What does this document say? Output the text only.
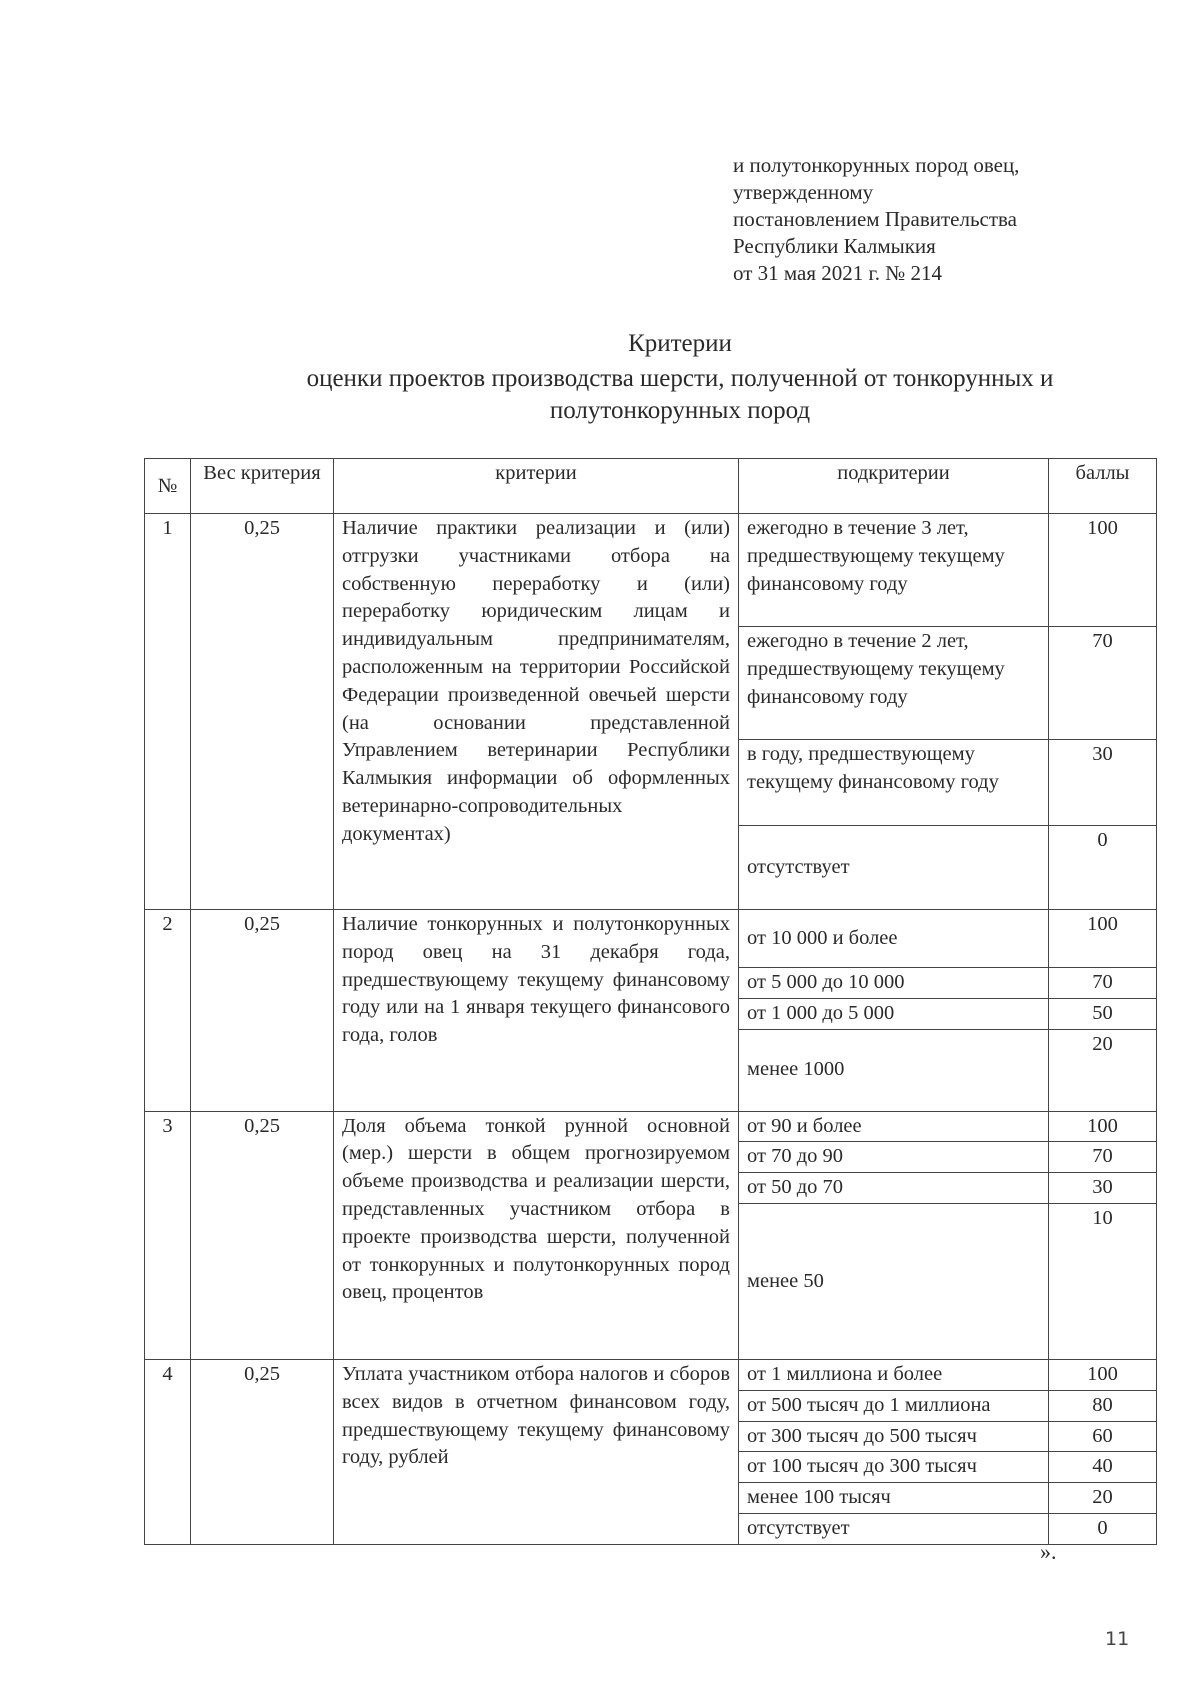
и полутонкорунных пород овец,
утвержденному
постановлением Правительства
Республики Калмыкия
от 31 мая 2021 г. № 214
Критерии
оценки проектов производства шерсти, полученной от тонкорунных и
полутонкорунных пород
№	Вес критерия	критерии	подкритерии	баллы
1	0,25	Наличие практики реализации и (или) отгрузки участниками отбора на собственную переработку и (или) переработку юридическим лицам и индивидуальным предпринимателям, расположенным на территории Российской Федерации произведенной овечьей шерсти (на основании представленной Управлением ветеринарии Республики Калмыкия информации об оформленных ветеринарно-сопроводительных документах)	ежегодно в течение 3 лет, предшествующему текущему финансовому году	100
			ежегодно в течение 2 лет, предшествующему текущему финансовому году	70
			в году, предшествующему текущему финансовому году	30
			отсутствует	0
2	0,25	Наличие тонкорунных и полутонкорунных пород овец на 31 декабря года, предшествующему текущему финансовому году или на 1 января текущего финансового года, голов	от 10 000 и более	100
			от 5 000 до 10 000	70
			от 1 000 до 5 000	50
			менее 1000	20
3	0,25	Доля объема тонкой рунной основной (мер.) шерсти в общем прогнозируемом объеме производства и реализации шерсти, представленных участником отбора в проекте производства шерсти, полученной от тонкорунных и полутонкорунных пород овец, процентов	от 90 и более	100
			от 70 до 90	70
			от 50 до 70	30
			менее 50	10
4	0,25	Уплата участником отбора налогов и сборов всех видов в отчетном финансовом году, предшествующему текущему финансовому году, рублей	от 1 миллиона и более	100
			от 500 тысяч до 1 миллиона	80
			от 300 тысяч до 500 тысяч	60
			от 100 тысяч до 300 тысяч	40
			менее 100 тысяч	20
			отсутствует	0
».
11
